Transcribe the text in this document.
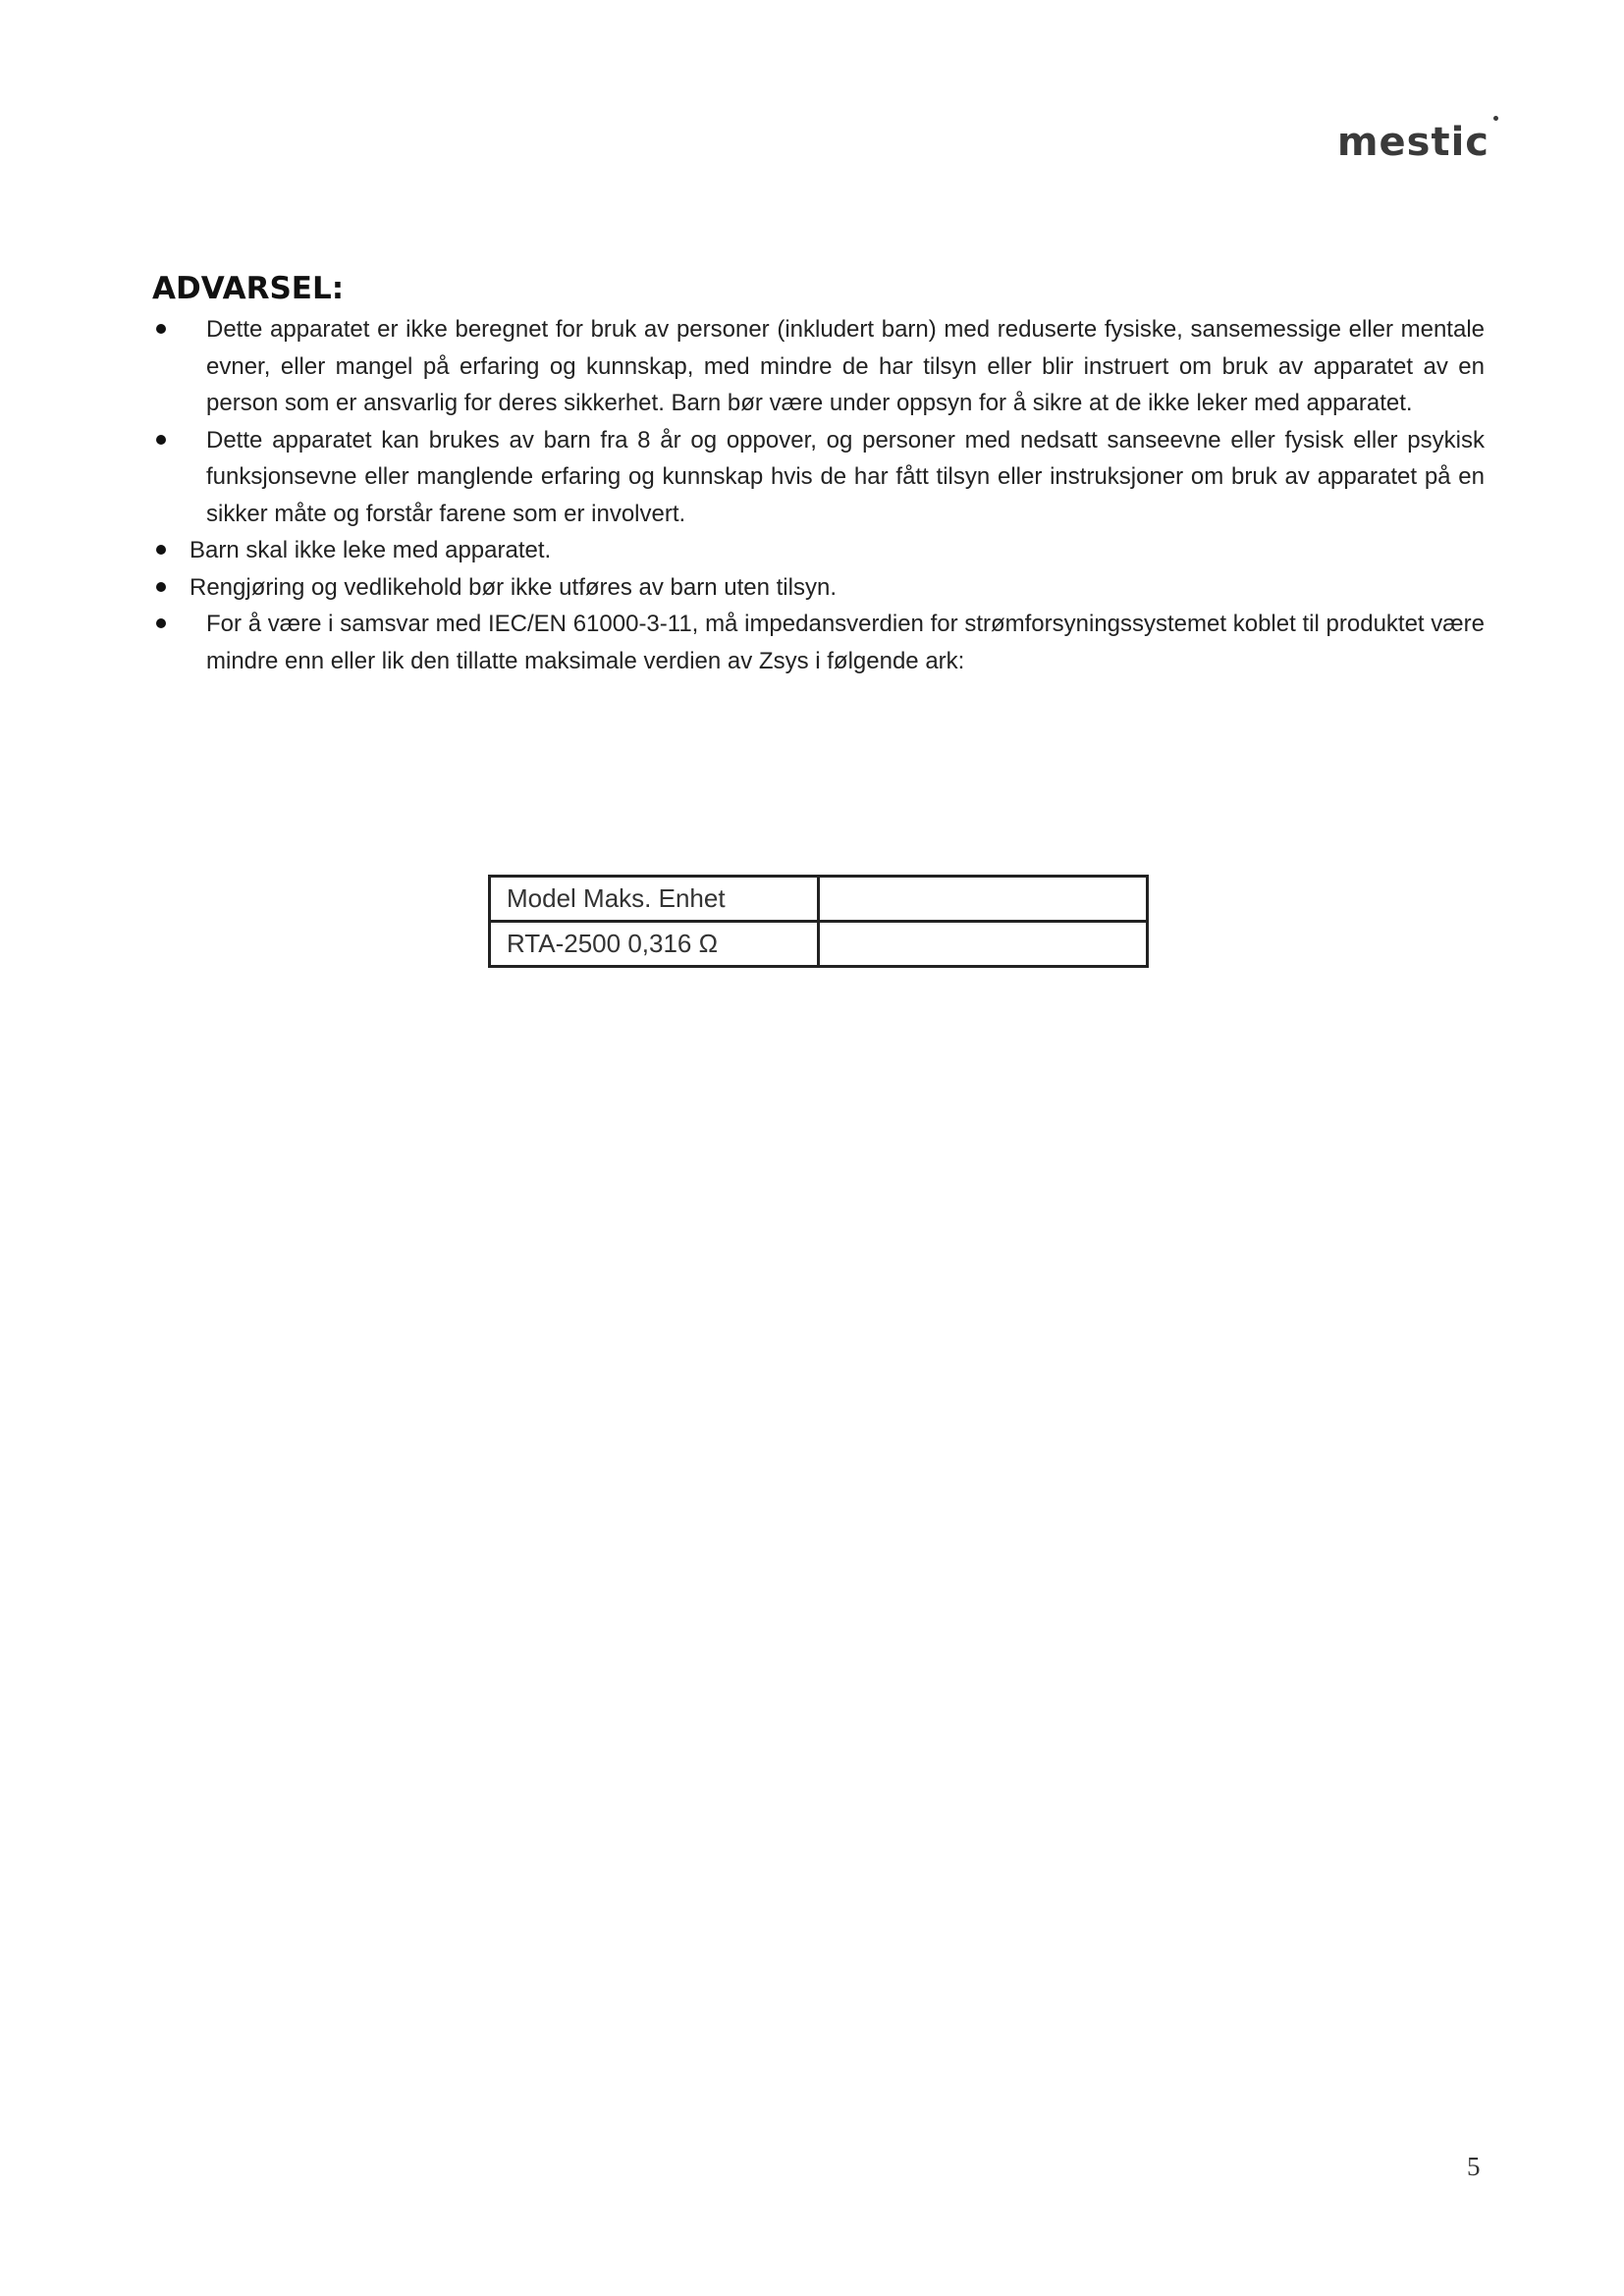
mestic
ADVARSEL:
Dette apparatet er ikke beregnet for bruk av personer (inkludert barn) med reduserte fysiske, sansemessige eller mentale evner, eller mangel på erfaring og kunnskap, med mindre de har tilsyn eller blir instruert om bruk av apparatet av en person som er ansvarlig for deres sikkerhet. Barn bør være under oppsyn for å sikre at de ikke leker med apparatet.
Dette apparatet kan brukes av barn fra 8 år og oppover, og personer med nedsatt sanseevne eller fysisk eller psykisk funksjonsevne eller manglende erfaring og kunnskap hvis de har fått tilsyn eller instruksjoner om bruk av apparatet på en sikker måte og forstår farene som er involvert.
Barn skal ikke leke med apparatet.
Rengjøring og vedlikehold bør ikke utføres av barn uten tilsyn.
For å være i samsvar med IEC/EN 61000-3-11, må impedansverdien for strømforsyningssystemet koblet til produktet være mindre enn eller lik den tillatte maksimale verdien av Zsys i følgende ark:
Model Maks. Enhet	
RTA-2500 0,316 Ω	
5
